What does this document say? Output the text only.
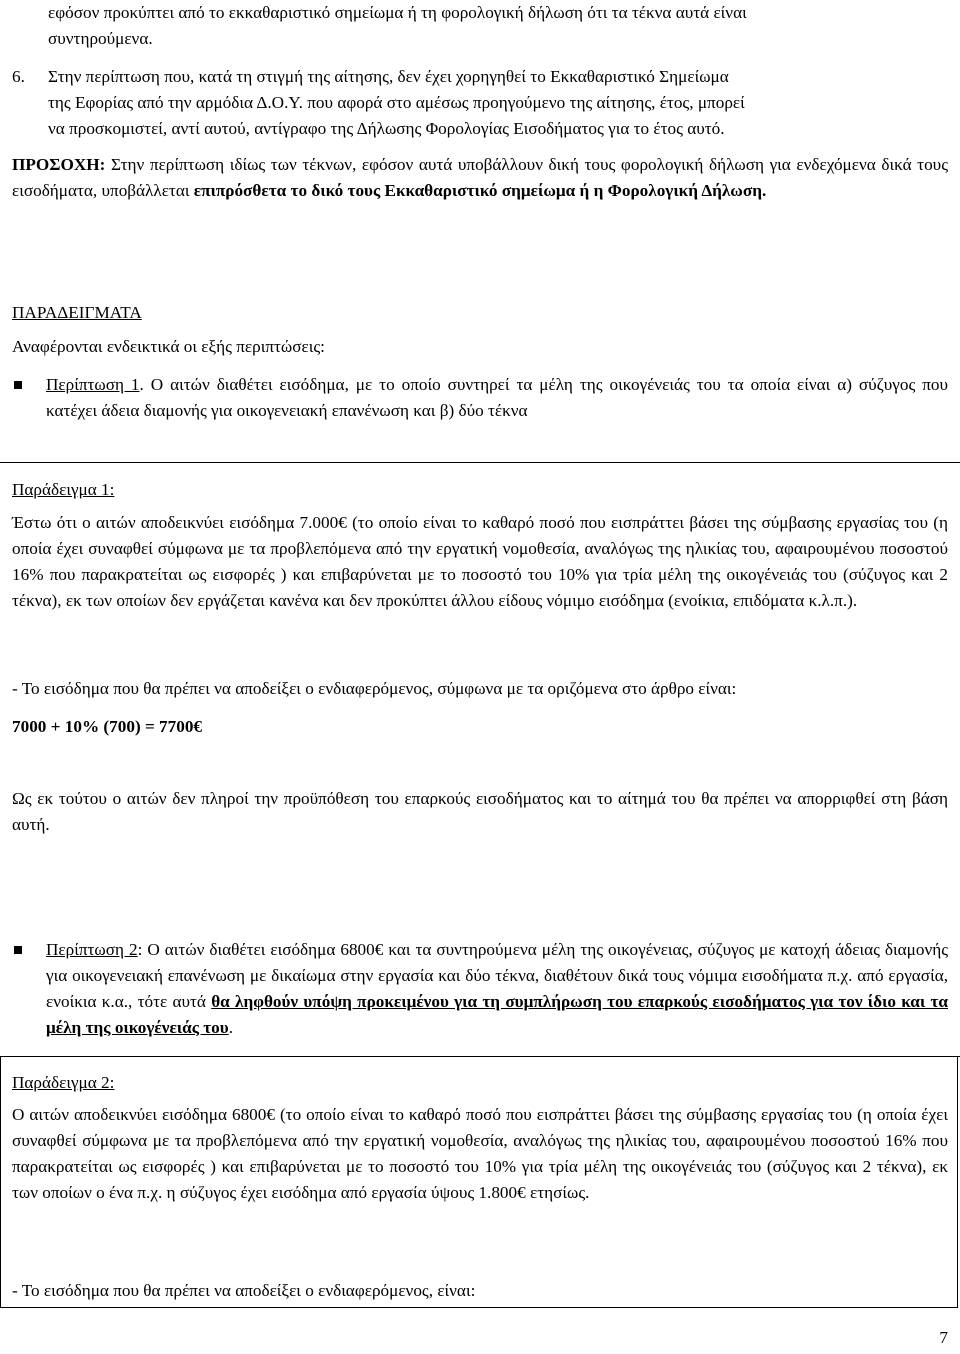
εφόσον προκύπτει από το εκκαθαριστικό σημείωμα ή τη φορολογική δήλωση ότι τα τέκνα αυτά είναι

συντηρούμενα.

6. Στην περίπτωση που, κατά τη στιγμή της αίτησης, δεν έχει χορηγηθεί το Εκκαθαριστικό Σημείωμα

της Εφορίας από την αρμόδια Δ.Ο.Υ. που αφορά στο αμέσως προηγούμενο της αίτησης, έτος, μπορεί

να προσκομιστεί, αντί αυτού, αντίγραφο της Δήλωσης Φορολογίας Εισοδήματος για το έτος αυτό.

ΠΡΟΣΟΧΗ: Στην περίπτωση ιδίως των τέκνων, εφόσον αυτά υποβάλλουν δική τους φορολογική δήλωση για ενδεχόμενα δικά τους εισοδήματα, υποβάλλεται επιπρόσθετα το δικό τους Εκκαθαριστικό σημείωμα ή η Φορολογική Δήλωση.

ΠΑΡΑΔΕΙΓΜΑΤΑ

Αναφέρονται ενδεικτικά οι εξής περιπτώσεις:

Περίπτωση 1. Ο αιτών διαθέτει εισόδημα, με το οποίο συντηρεί τα μέλη της οικογένειάς του τα οποία είναι α) σύζυγος που κατέχει άδεια διαμονής για οικογενειακή επανένωση και β) δύο τέκνα

Παράδειγμα 1:

Έστω ότι ο αιτών αποδεικνύει εισόδημα 7.000€ (το οποίο είναι το καθαρό ποσό που εισπράττει βάσει της σύμβασης εργασίας του (η οποία έχει συναφθεί σύμφωνα με τα προβλεπόμενα από την εργατική νομοθεσία, αναλόγως της ηλικίας του, αφαιρουμένου ποσοστού 16% που παρακρατείται ως εισφορές ) και επιβαρύνεται με το ποσοστό του 10% για τρία μέλη της οικογένειάς του (σύζυγος και 2 τέκνα), εκ των οποίων δεν εργάζεται κανένα και δεν προκύπτει άλλου είδους νόμιμο εισόδημα (ενοίκια, επιδόματα κ.λ.π.).
- Το εισόδημα που θα πρέπει να αποδείξει ο ενδιαφερόμενος, σύμφωνα με τα οριζόμενα στο άρθρο είναι:

7000 + 10% (700) = 7700€

Ως εκ τούτου ο αιτών δεν πληροί την προϋπόθεση του επαρκούς εισοδήματος και το αίτημά του θα πρέπει να απορριφθεί στη βάση αυτή.

Περίπτωση 2: Ο αιτών διαθέτει εισόδημα 6800€ και τα συντηρούμενα μέλη της οικογένειας, σύζυγος με κατοχή άδειας διαμονής για οικογενειακή επανένωση με δικαίωμα στην εργασία και δύο τέκνα, διαθέτουν δικά τους νόμιμα εισοδήματα π.χ. από εργασία, ενοίκια κ.α., τότε αυτά θα ληφθούν υπόψη προκειμένου για τη συμπλήρωση του επαρκούς εισοδήματος για τον ίδιο και τα μέλη της οικογένειάς του.

Παράδειγμα 2:

Ο αιτών αποδεικνύει εισόδημα 6800€ (το οποίο είναι το καθαρό ποσό που εισπράττει βάσει της σύμβασης εργασίας του (η οποία έχει συναφθεί σύμφωνα με τα προβλεπόμενα από την εργατική νομοθεσία, αναλόγως της ηλικίας του, αφαιρουμένου ποσοστού 16% που παρακρατείται ως εισφορές ) και επιβαρύνεται με το ποσοστό του 10% για τρία μέλη της οικογένειάς του (σύζυγος και 2 τέκνα), εκ των οποίων ο ένα π.χ. η σύζυγος έχει εισόδημα από εργασία ύψους 1.800€ ετησίως.
- Το εισόδημα που θα πρέπει να αποδείξει ο ενδιαφερόμενος, είναι:
7
